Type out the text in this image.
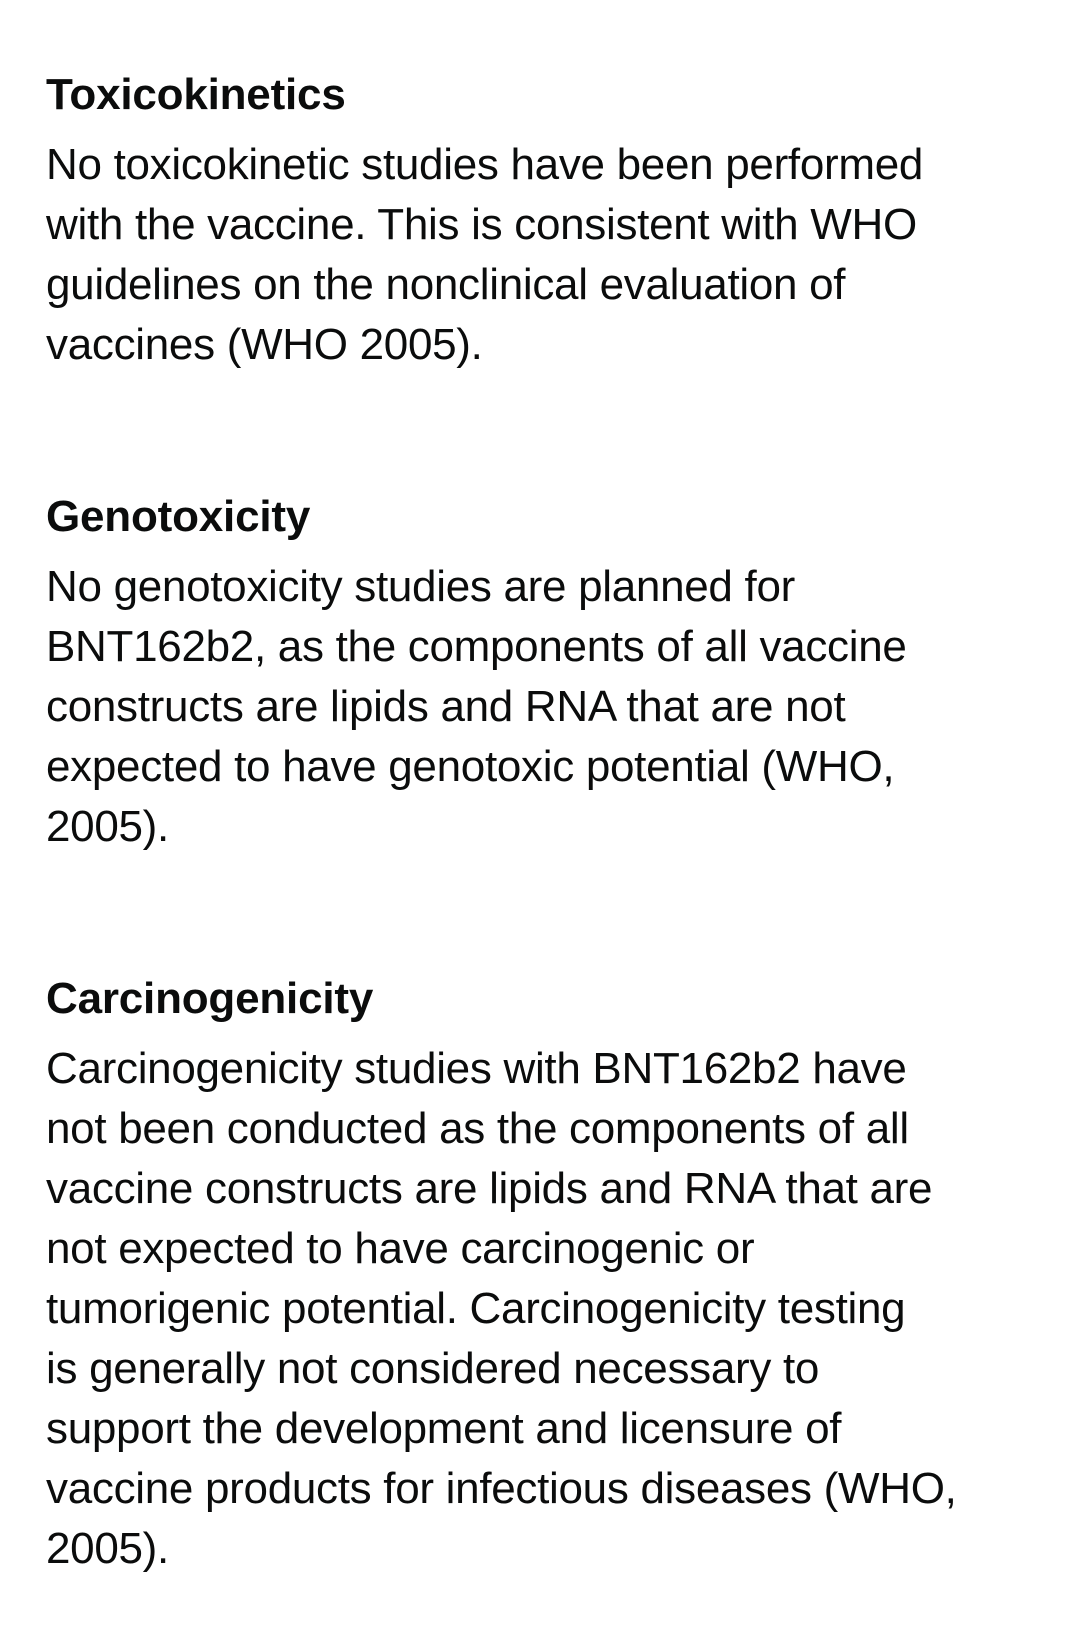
Toxicokinetics

No toxicokinetic studies have been performed
with the vaccine. This is consistent with WHO
guidelines on the nonclinical evaluation of
vaccines (WHO 2005).

Genotoxicity

No genotoxicity studies are planned for
BNT162b2, as the components of all vaccine
constructs are lipids and RNA that are not
expected to have genotoxic potential (WHO,
2005).

Carcinogenicity

Carcinogenicity studies with BNT162b2 have
not been conducted as the components of all
vaccine constructs are lipids and RNA that are
not expected to have carcinogenic or
tumorigenic potential. Carcinogenicity testing
is generally not considered necessary to
support the development and licensure of
vaccine products for infectious diseases (WHO,
2005).
